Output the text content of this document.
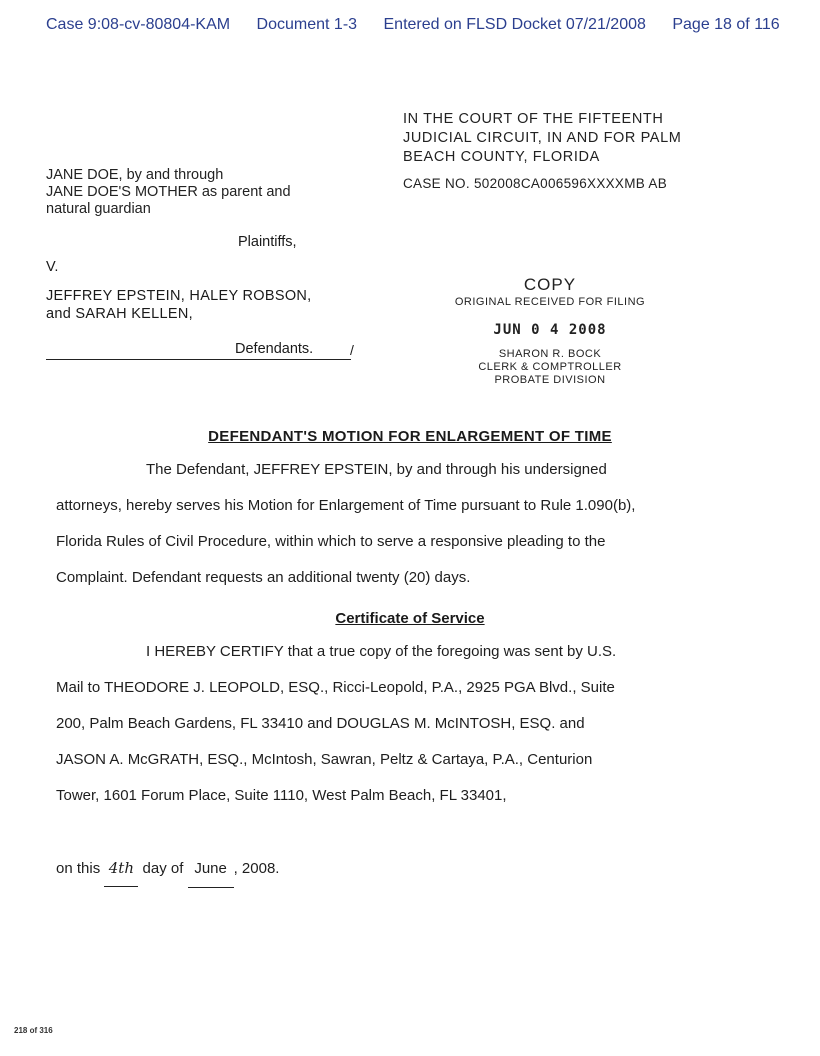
Case 9:08-cv-80804-KAM Document 1-3 Entered on FLSD Docket 07/21/2008 Page 18 of 116
IN THE COURT OF THE FIFTEENTH
JUDICIAL CIRCUIT, IN AND FOR PALM
BEACH COUNTY, FLORIDA
CASE NO. 502008CA006596XXXXMB AB
JANE DOE, by and through
JANE DOE'S MOTHER as parent and
natural guardian
Plaintiffs,
V.
JEFFREY EPSTEIN, HALEY ROBSON,
and SARAH KELLEN,
Defendants.	/
COPY
ORIGINAL RECEIVED FOR FILING
JUN 0 4 2008
SHARON R. BOCK
CLERK & COMPTROLLER
PROBATE DIVISION
DEFENDANT'S MOTION FOR ENLARGEMENT OF TIME
The Defendant, JEFFREY EPSTEIN, by and through his undersigned attorneys, hereby serves his Motion for Enlargement of Time pursuant to Rule 1.090(b), Florida Rules of Civil Procedure, within which to serve a responsive pleading to the Complaint. Defendant requests an additional twenty (20) days.
Certificate of Service
I HEREBY CERTIFY that a true copy of the foregoing was sent by U.S. Mail to THEODORE J. LEOPOLD, ESQ., Ricci-Leopold, P.A., 2925 PGA Blvd., Suite 200, Palm Beach Gardens, FL 33410 and DOUGLAS M. McINTOSH, ESQ. and JASON A. McGRATH, ESQ., McIntosh, Sawran, Peltz & Cartaya, P.A., Centurion Tower, 1601 Forum Place, Suite 1110, West Palm Beach, FL 33401,
on this 4th day of June , 2008.
218 of 316
